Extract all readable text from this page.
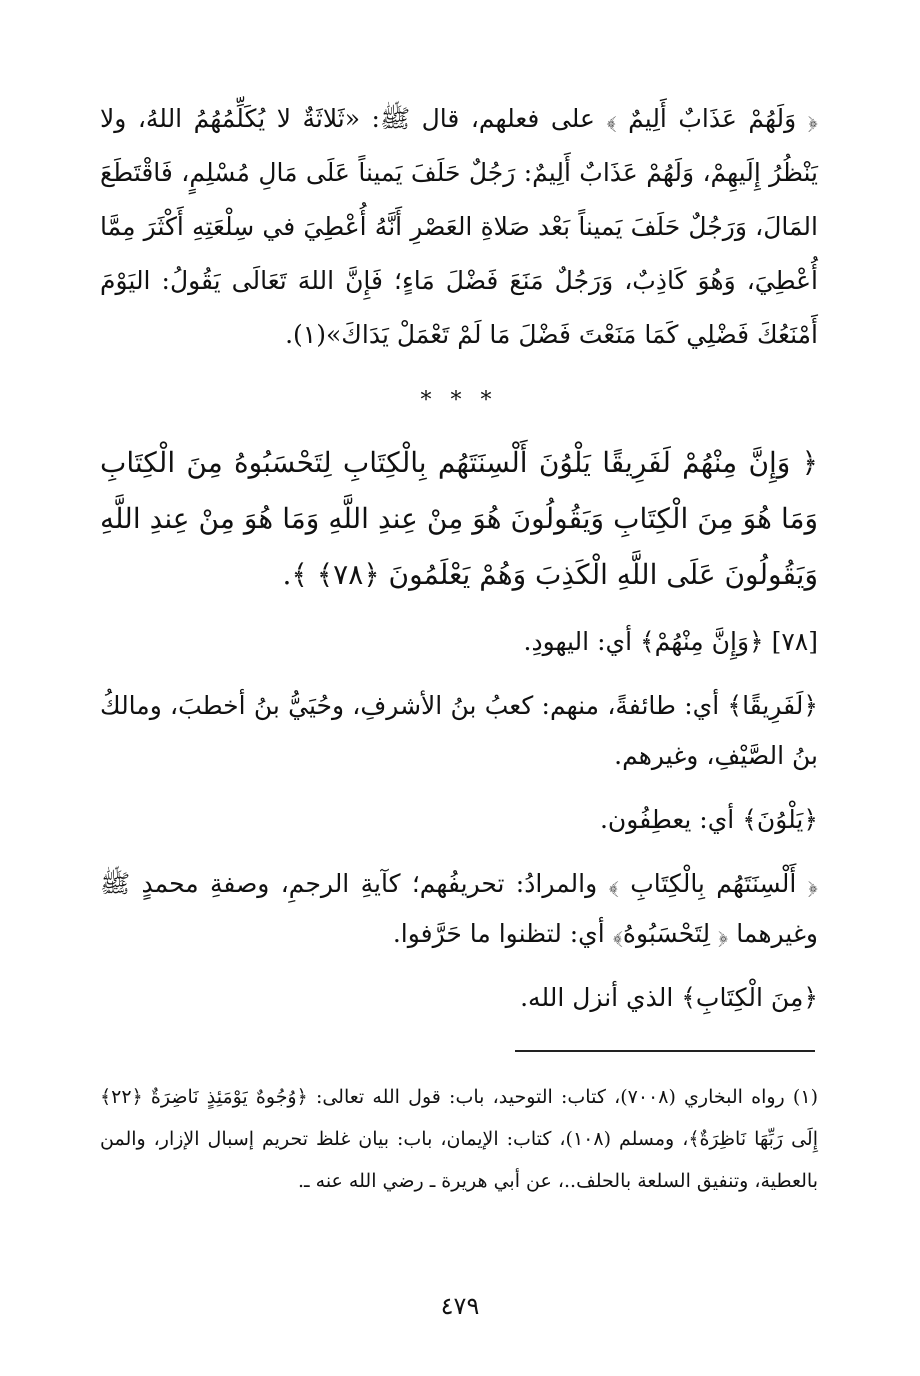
﴿ وَلَهُمْ عَذَابٌ أَلِيمٌ ﴾ على فعلهم، قال ﷺ: «ثَلاثَةٌ لا يُكَلِّمُهُمُ اللهُ، ولا يَنْظُرُ إِلَيهِمْ، وَلَهُمْ عَذَابٌ أَلِيمٌ: رَجُلٌ حَلَفَ يَميناً عَلَى مَالِ مُسْلِمٍ، فَاقْتَطَعَ المَالَ، وَرَجُلٌ حَلَفَ يَميناً بَعْد صَلاةِ العَصْرِ أَنَّهُ أُعْطِيَ في سِلْعَتِهِ أَكْثَرَ مِمَّا أُعْطِيَ، وَهُوَ كَاذِبٌ، وَرَجُلٌ مَنَعَ فَضْلَ مَاءٍ؛ فَإِنَّ اللهَ تَعَالَى يَقُولُ: اليَوْمَ أَمْنَعُكَ فَضْلِي كَمَا مَنَعْتَ فَضْلَ مَا لَمْ تَعْمَلْ يَدَاكَ»(١).

* * *

﴿ وَإِنَّ مِنْهُمْ لَفَرِيقًا يَلْوُنَ أَلْسِنَتَهُم بِالْكِتَابِ لِتَحْسَبُوهُ مِنَ الْكِتَابِ وَمَا هُوَ مِنَ الْكِتَابِ وَيَقُولُونَ هُوَ مِنْ عِندِ اللَّهِ وَمَا هُوَ مِنْ عِندِ اللَّهِ وَيَقُولُونَ عَلَى اللَّهِ الْكَذِبَ وَهُمْ يَعْلَمُونَ ﴿٧٨﴾ ﴾.

[٧٨] ﴿وَإِنَّ مِنْهُمْ﴾ أي: اليهودِ.

﴿لَفَرِيقًا﴾ أي: طائفةً، منهم: كعبُ بنُ الأشرفِ، وحُيَيُّ بنُ أخطبَ، ومالكُ بنُ الصَّيْفِ، وغيرهم.

﴿يَلْوُنَ﴾ أي: يعطِفُون.

﴿ أَلْسِنَتَهُم بِالْكِتَابِ ﴾ والمرادُ: تحريفُهم؛ كآيةِ الرجمِ، وصفةِ محمدٍ ﷺ وغيرهما ﴿ لِتَحْسَبُوهُ﴾ أي: لتظنوا ما حَرَّفوا.

﴿مِنَ الْكِتَابِ﴾ الذي أنزل الله.

(١) رواه البخاري (٧٠٠٨)، كتاب: التوحيد، باب: قول الله تعالى: ﴿وُجُوهٌ يَوْمَئِذٍ نَاضِرَةٌ ﴿٢٢﴾ إِلَى رَبِّهَا نَاظِرَةٌ﴾، ومسلم (١٠٨)، كتاب: الإيمان، باب: بيان غلظ تحريم إسبال الإزار، والمن بالعطية، وتنفيق السلعة بالحلف..، عن أبي هريرة ـ رضي الله عنه ـ.

٤٧٩
